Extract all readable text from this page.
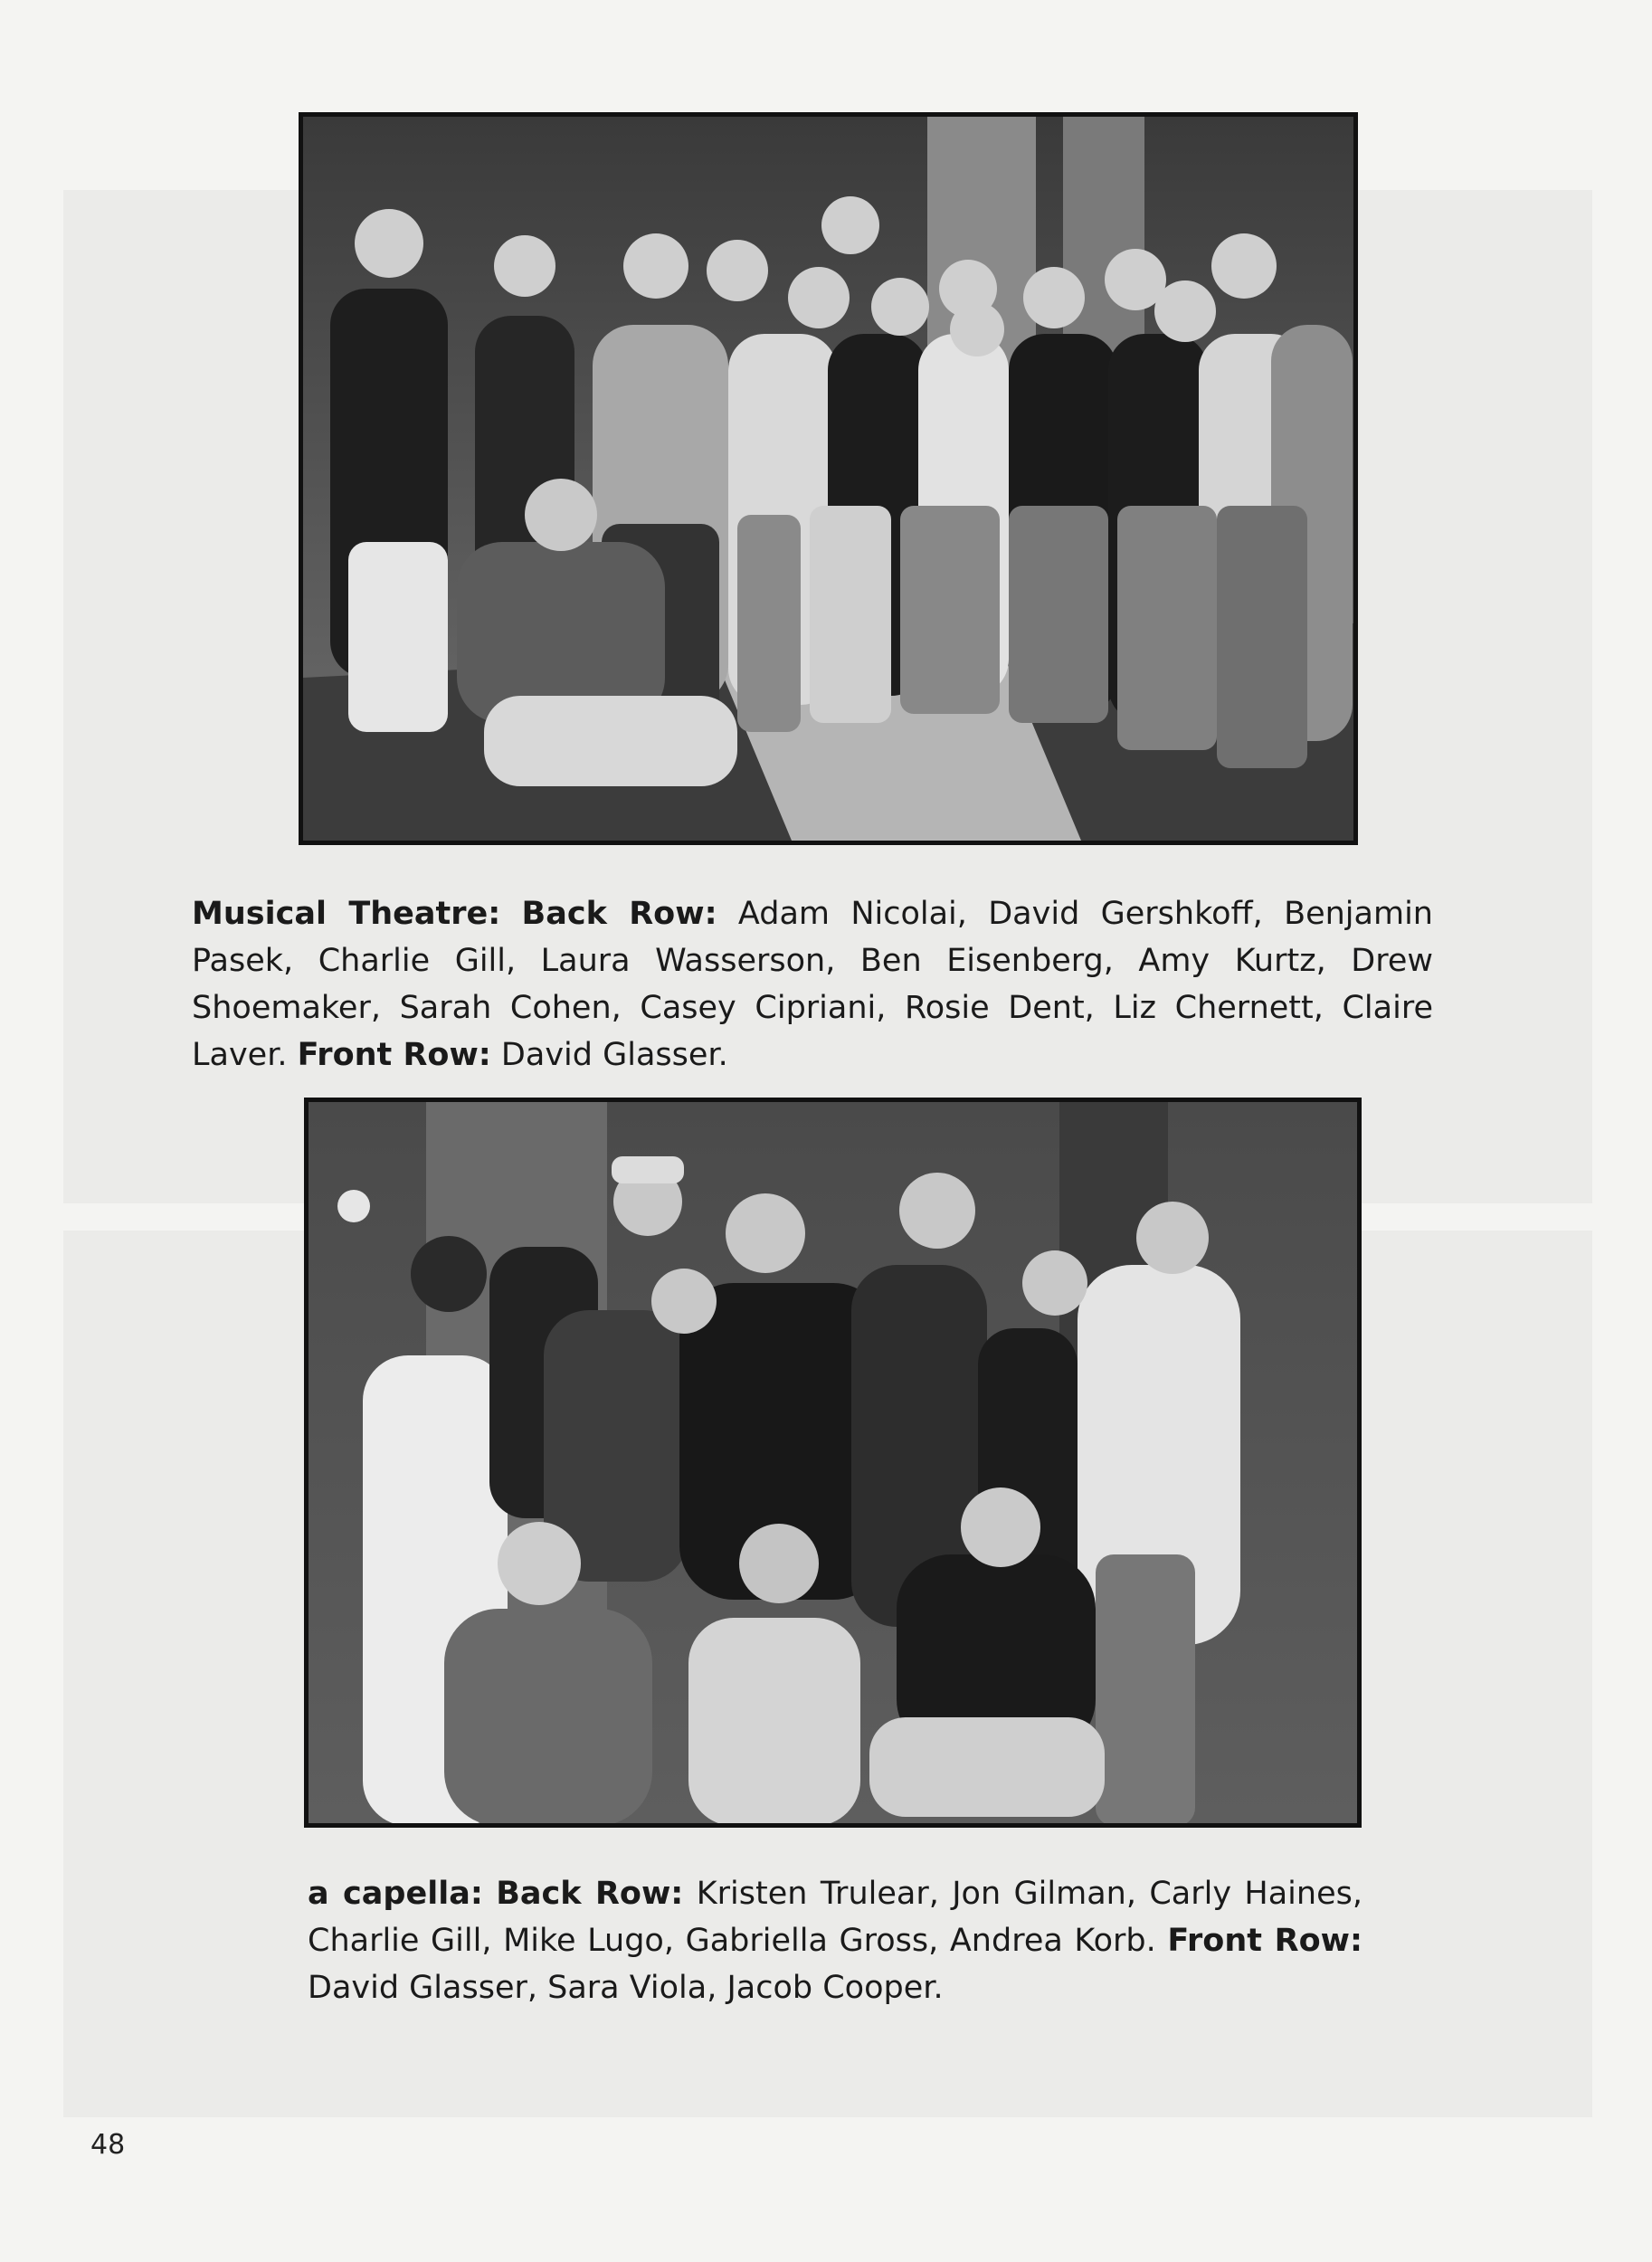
Musical Theatre: Back Row: Adam Nicolai, David Gershkoff, Benjamin Pasek, Charlie Gill, Laura Wasserson, Ben Eisenberg, Amy Kurtz, Drew Shoemaker, Sarah Cohen, Casey Cipriani, Rosie Dent, Liz Chernett, Claire Laver. Front Row: David Glasser.
a capella: Back Row: Kristen Trulear, Jon Gilman, Carly Haines, Charlie Gill, Mike Lugo, Gabriella Gross, Andrea Korb. Front Row: David Glasser, Sara Viola, Jacob Cooper.
48
